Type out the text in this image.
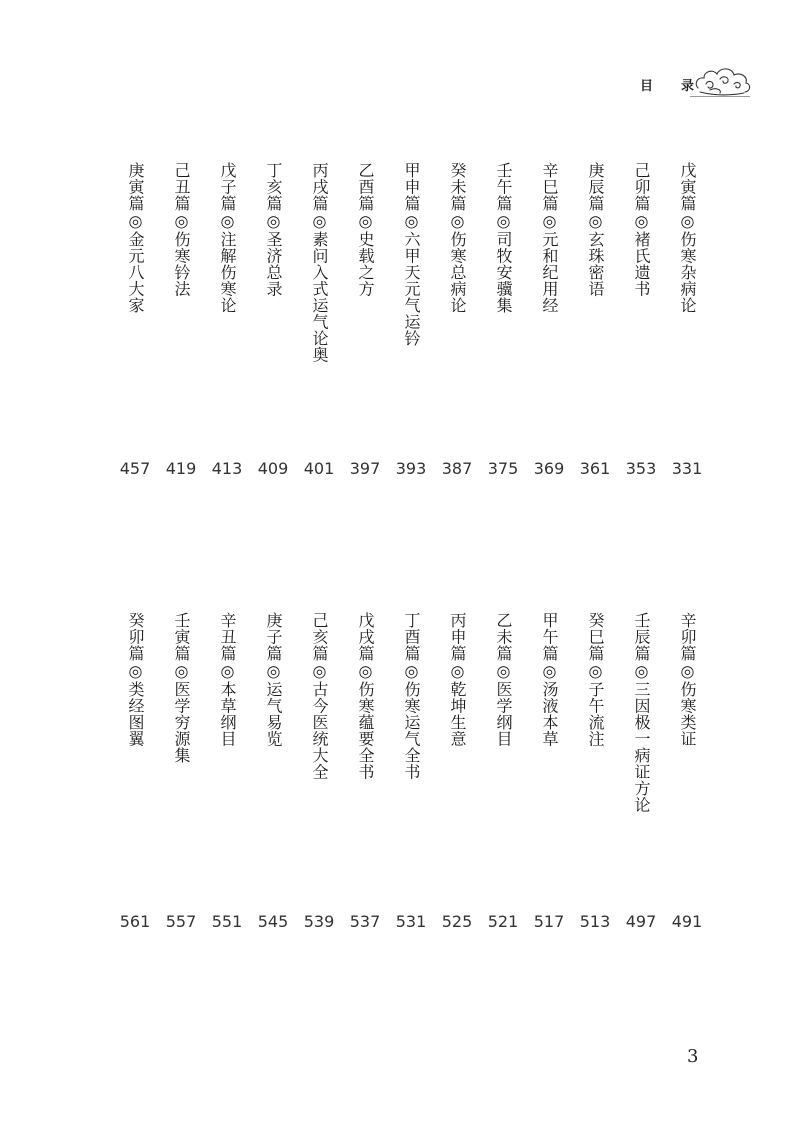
目 录
戊寅篇◎伤寒杂病论
331
己卯篇◎褚氏遗书
353
庚辰篇◎玄珠密语
361
辛巳篇◎元和纪用经
369
壬午篇◎司牧安骥集
375
癸未篇◎伤寒总病论
387
甲申篇◎六甲天元气运钤
393
乙酉篇◎史载之方
397
丙戌篇◎素问入式运气论奥
401
丁亥篇◎圣济总录
409
戊子篇◎注解伤寒论
413
己丑篇◎伤寒钤法
419
庚寅篇◎金元八大家
457
辛卯篇◎伤寒类证
491
壬辰篇◎三因极一病证方论
497
癸巳篇◎子午流注
513
甲午篇◎汤液本草
517
乙未篇◎医学纲目
521
丙申篇◎乾坤生意
525
丁酉篇◎伤寒运气全书
531
戊戌篇◎伤寒蕴要全书
537
己亥篇◎古今医统大全
539
庚子篇◎运气易览
545
辛丑篇◎本草纲目
551
壬寅篇◎医学穷源集
557
癸卯篇◎类经图翼
561
3
